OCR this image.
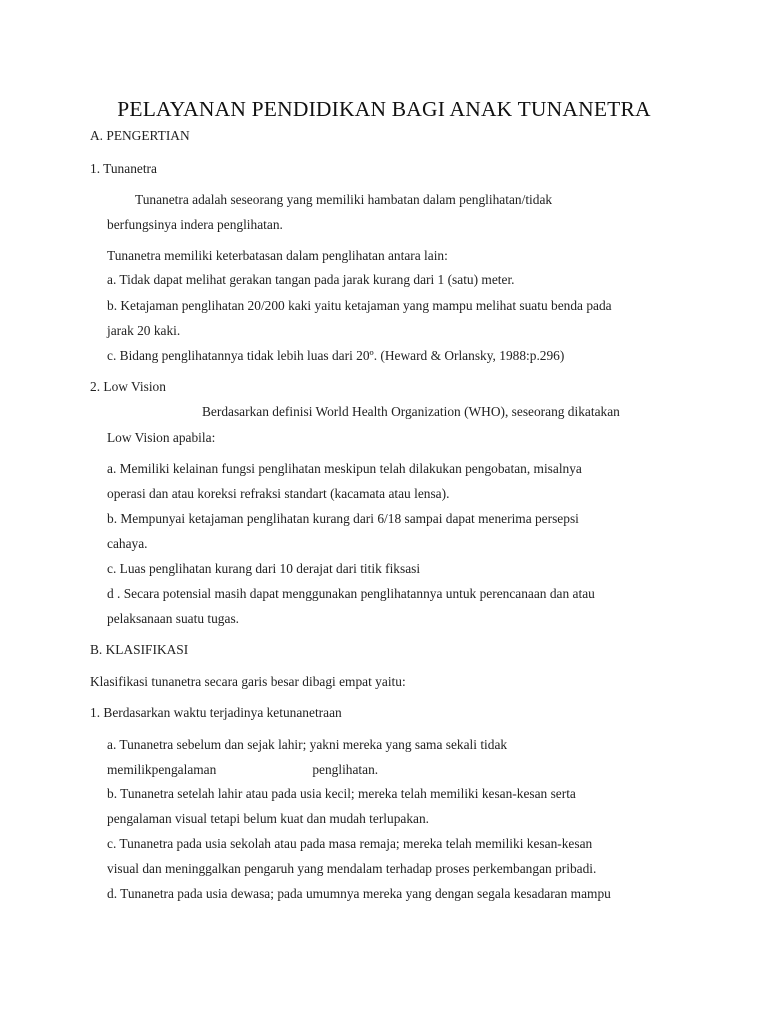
PELAYANAN PENDIDIKAN BAGI ANAK TUNANETRA
A. PENGERTIAN
1. Tunanetra
Tunanetra adalah seseorang yang memiliki hambatan dalam penglihatan/tidak
berfungsinya indera penglihatan.
Tunanetra memiliki keterbatasan dalam penglihatan antara lain:
a. Tidak dapat melihat gerakan tangan pada jarak kurang dari 1 (satu) meter.
b. Ketajaman penglihatan 20/200 kaki yaitu ketajaman yang mampu melihat suatu benda pada
jarak 20 kaki.
c. Bidang penglihatannya tidak lebih luas dari 20º. (Heward & Orlansky, 1988:p.296)
2. Low Vision
Berdasarkan definisi World Health Organization (WHO), seseorang dikatakan
Low Vision apabila:
a. Memiliki kelainan fungsi penglihatan meskipun telah dilakukan pengobatan, misalnya
operasi dan atau koreksi refraksi standart (kacamata atau lensa).
b. Mempunyai ketajaman penglihatan kurang dari 6/18 sampai dapat menerima persepsi
cahaya.
c. Luas penglihatan kurang dari 10 derajat dari titik fiksasi
d . Secara potensial masih dapat menggunakan penglihatannya untuk perencanaan dan atau
pelaksanaan suatu tugas.
B. KLASIFIKASI
Klasifikasi tunanetra secara garis besar dibagi empat yaitu:
1. Berdasarkan waktu terjadinya ketunanetraan
a. Tunanetra sebelum dan sejak lahir; yakni mereka yang sama sekali tidak
memilikpengalaman	penglihatan.
b. Tunanetra setelah lahir atau pada usia kecil; mereka telah memiliki kesan-kesan serta
pengalaman visual tetapi belum kuat dan mudah terlupakan.
c. Tunanetra pada usia sekolah atau pada masa remaja; mereka telah memiliki kesan-kesan
visual dan meninggalkan pengaruh yang mendalam terhadap proses perkembangan pribadi.
d. Tunanetra pada usia dewasa; pada umumnya mereka yang dengan segala kesadaran mampu
